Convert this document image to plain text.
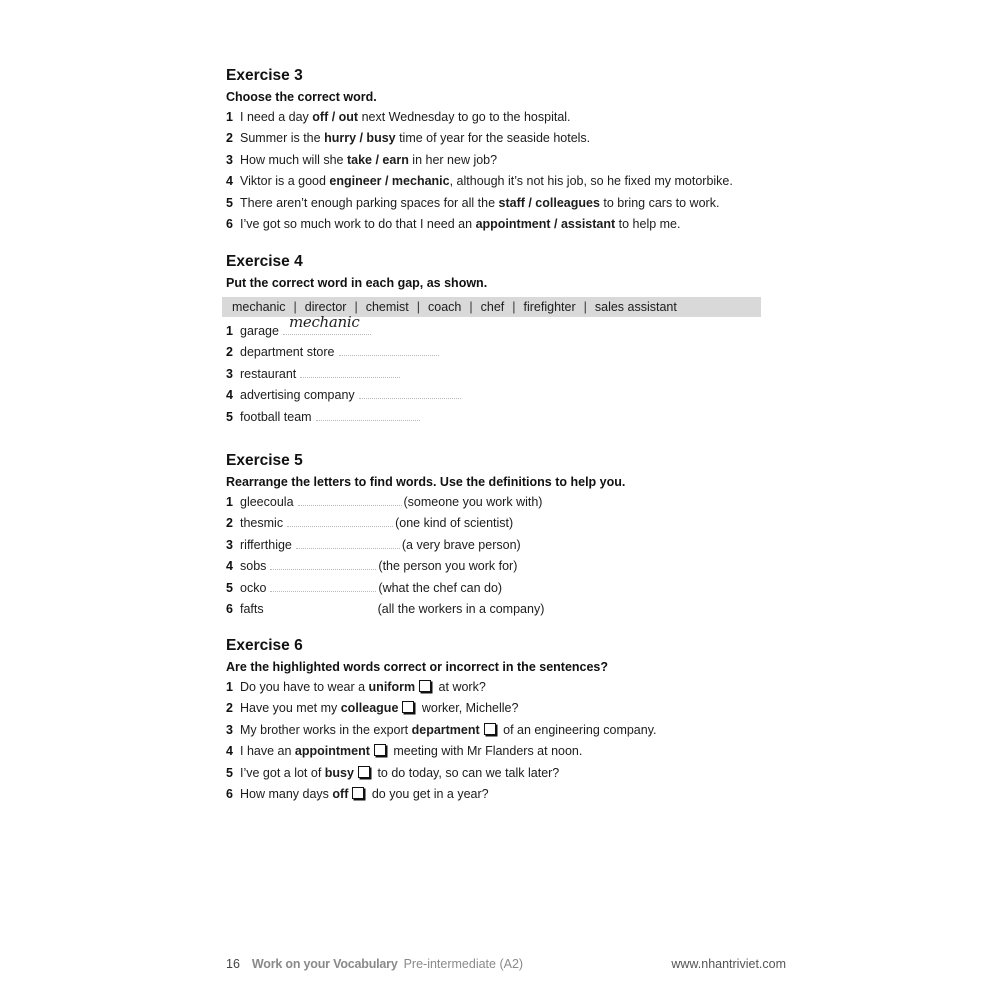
Exercise 3

Choose the correct word.

1 I need a day off / out next Wednesday to go to the hospital.
2 Summer is the hurry / busy time of year for the seaside hotels.
3 How much will she take / earn in her new job?
4 Viktor is a good engineer / mechanic , although it’s not his job, so he fixed my motorbike.
5 There aren’t enough parking spaces for all the staff / colleagues to bring cars to work.
6 I’ve got so much work to do that I need an appointment / assistant to help me.
Exercise 4

Put the correct word in each gap, as shown.

mechanic | director | chemist | coach | chef | firefighter | sales assistant
1 garage
mechanic
2 department store
3 restaurant
4 advertising company
5 football team
Exercise 5

Rearrange the letters to find words. Use the definitions to help you.

1 gleecoula	(someone you work with)
2 thesmic	(one kind of scientist)
3 rifferthige	(a very brave person)
4 sobs	(the person you work for)
5 ocko	(what the chef can do)
6 fafts	(all the workers in a company)
Exercise 6

Are the highlighted words correct or incorrect in the sentences?

1 Do you have to wear a uniform at work?
2 Have you met my colleague worker, Michelle?
3 My brother works in the export department of an engineering company.
4 I have an appointment meeting with Mr Flanders at noon.
5 I’ve got a lot of busy to do today, so can we talk later?
6 How many days off do you get in a year?
16 Work on your Vocabulary Pre-intermediate (A2)	www.nhantriviet.com
